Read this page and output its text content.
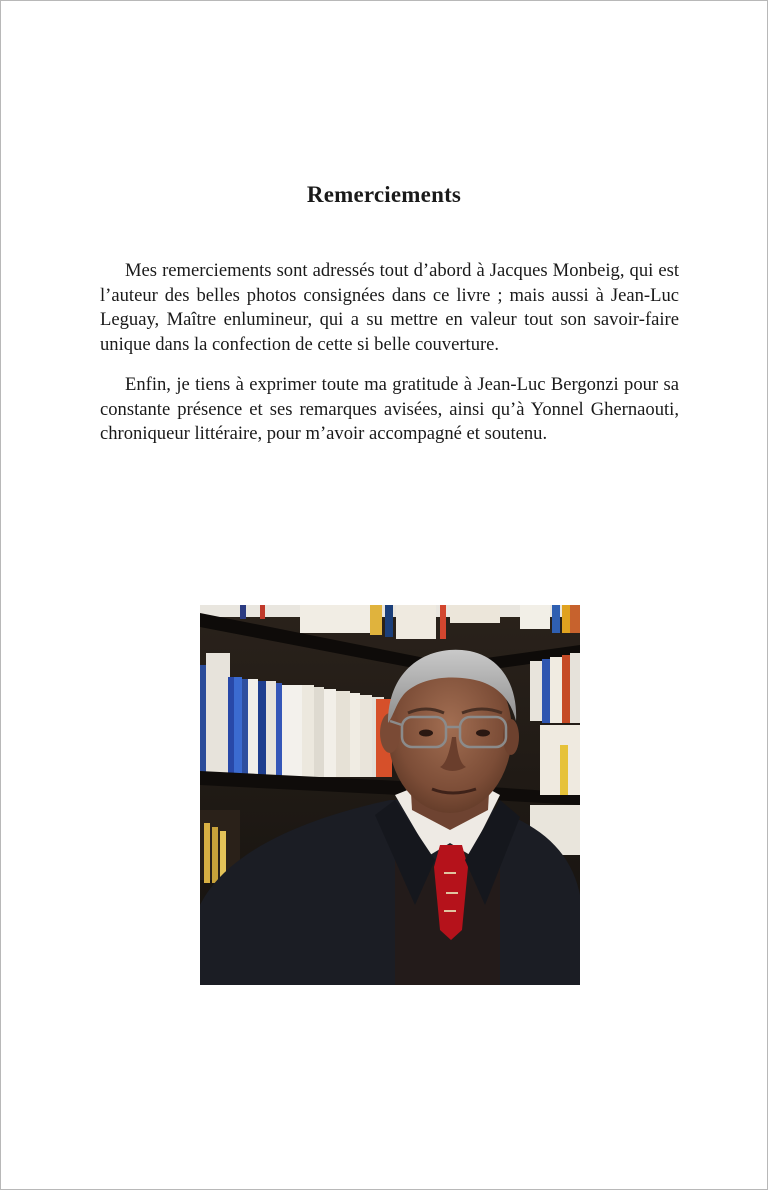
Remerciements

Mes remerciements sont adressés tout d’abord à Jacques Monbeig, qui est l’auteur des belles photos consignées dans ce livre ; mais aussi à Jean-Luc Leguay, Maître enlumineur, qui a su mettre en valeur tout son savoir-faire unique dans la confection de cette si belle couverture.

Enfin, je tiens à exprimer toute ma gratitude à Jean-Luc Bergonzi pour sa constante présence et ses remarques avisées, ainsi qu’à Yonnel Ghernaouti, chroniqueur littéraire, pour m’avoir accompagné et soutenu.
